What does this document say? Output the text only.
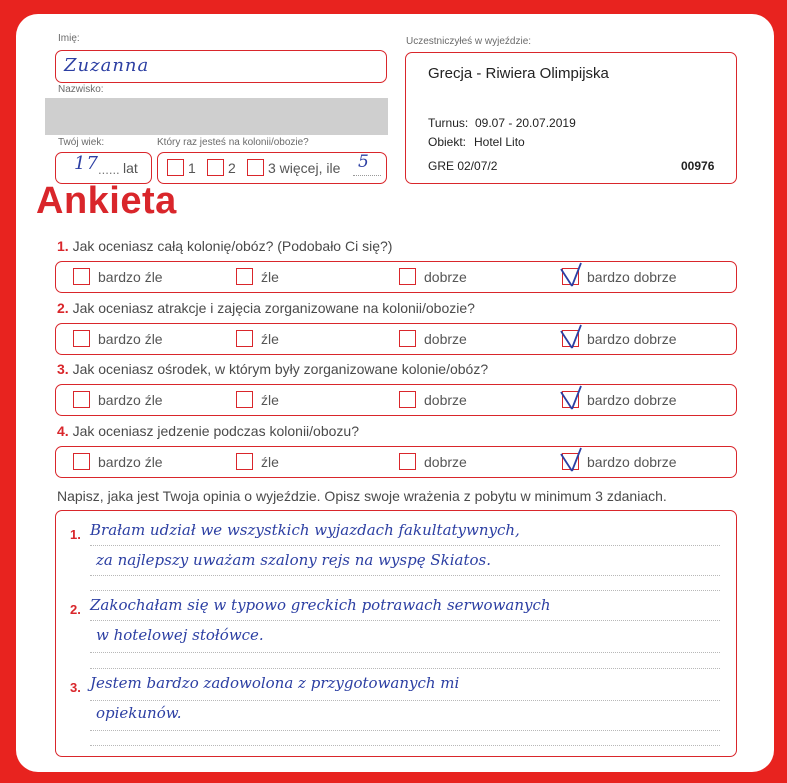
Imię:
Zuzanna
Nazwisko:
Twój wiek:
17 ...... lat
Który raz jesteś na kolonii/obozie?
1 2 3 więcej, ile 5
Uczestniczyłeś w wyjeździe:
Grecja - Riwiera Olimpijska
Turnus: 09.07 - 20.07.2019
Obiekt: Hotel Lito
GRE 02/07/2	00976
Ankieta
1. Jak oceniasz całą kolonię/obóz? (Podobało Ci się?)
bardzo źle	źle	dobrze	bardzo dobrze
2. Jak oceniasz atrakcje i zajęcia zorganizowane na kolonii/obozie?
bardzo źle	źle	dobrze	bardzo dobrze
3. Jak oceniasz ośrodek, w którym były zorganizowane kolonie/obóz?
bardzo źle	źle	dobrze	bardzo dobrze
4. Jak oceniasz jedzenie podczas kolonii/obozu?
bardzo źle	źle	dobrze	bardzo dobrze
Napisz, jaka jest Twoja opinia o wyjeździe. Opisz swoje wrażenia z pobytu w minimum 3 zdaniach.
1. Brałam udział we wszystkich wyjazdach fakultatywnych,
za najlepszy uważam szalony rejs na wyspę Skiatos.
2. Zakochałam się w typowo greckich potrawach serwowanych
w hotelowej stołówce.
3. Jestem bardzo zadowolona z przygotowanych mi
opiekunów.
